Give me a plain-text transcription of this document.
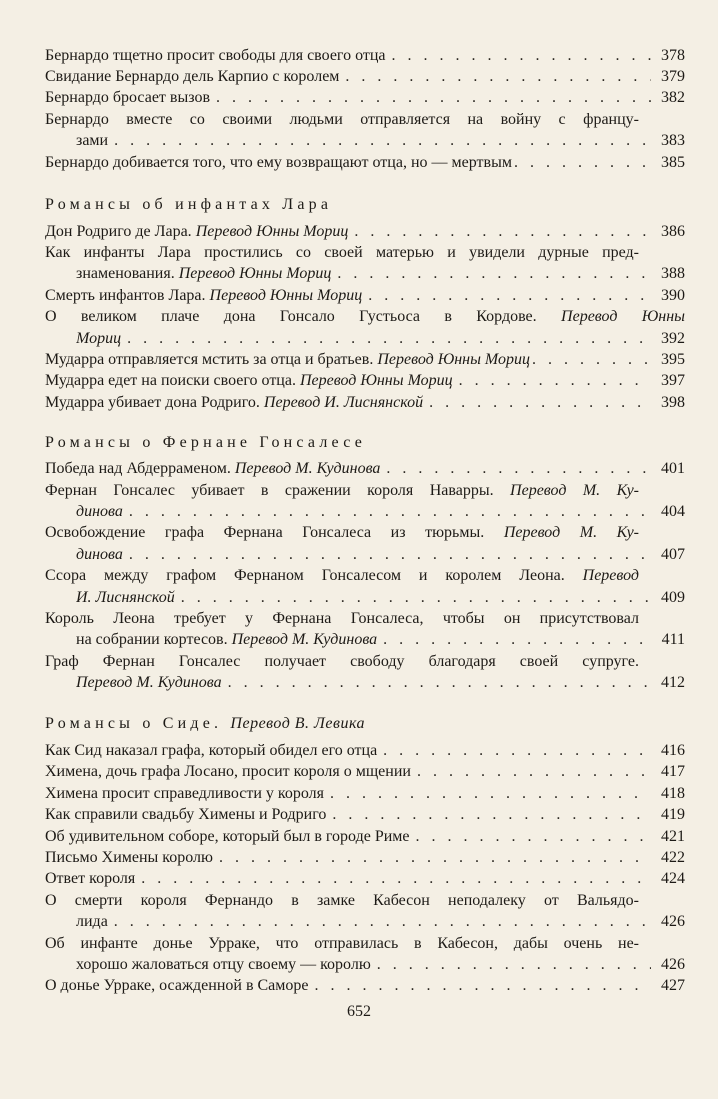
Бернардо тщетно просит свободы для своего отца . . .	378
Свидание Бернардо дель Карпио с королем . . .	379
Бернардо бросает вызов . . .	382
Бернардо вместе со своими людьми отправляется на войну с францу-
зами . . .	383
Бернардо добивается того, что ему возвращают отца, но — мертвым . . .	385
Романсы об инфантах Лара
Дон Родриго де Лара. Перевод Юнны Мориц . . .	386
Как инфанты Лара простились со своей матерью и увидели дурные пред-
знаменования. Перевод Юнны Мориц . . .	388
Смерть инфантов Лара. Перевод Юнны Мориц . . .	390
О великом плаче дона Гонсало Густьоса в Кордове. Перевод Юнны
Мориц . . .	392
Мударра отправляется мстить за отца и братьев. Перевод Юнны Мориц . . .	395
Мударра едет на поиски своего отца. Перевод Юнны Мориц . . .	397
Мударра убивает дона Родриго. Перевод И. Лиснянской . . .	398
Романсы о Фернане Гонсалесе
Победа над Абдерраменом. Перевод М. Кудинова . . .	401
Фернан Гонсалес убивает в сражении короля Наварры. Перевод М. Ку-
динова . . .	404
Освобождение графа Фернана Гонсалеса из тюрьмы. Перевод М. Ку-
динова . . .	407
Ссора между графом Фернаном Гонсалесом и королем Леона. Перевод
И. Лиснянской . . .	409
Король Леона требует у Фернана Гонсалеса, чтобы он присутствовал
на собрании кортесов. Перевод М. Кудинова . . .	411
Граф Фернан Гонсалес получает свободу благодаря своей супруге.
Перевод М. Кудинова . . .	412
Романсы о Сиде. Перевод В. Левика
Как Сид наказал графа, который обидел его отца . . .	416
Химена, дочь графа Лосано, просит короля о мщении . . .	417
Химена просит справедливости у короля . . .	418
Как справили свадьбу Химены и Родриго . . .	419
Об удивительном соборе, который был в городе Риме . . .	421
Письмо Химены королю . . .	422
Ответ короля . . .	424
О смерти короля Фернандо в замке Кабесон неподалеку от Вальядо-
лида . . .	426
Об инфанте донье Урраке, что отправилась в Кабесон, дабы очень не-
хорошо жаловаться отцу своему — королю . . .	426
О донье Урраке, осажденной в Саморе . . .	427
652
